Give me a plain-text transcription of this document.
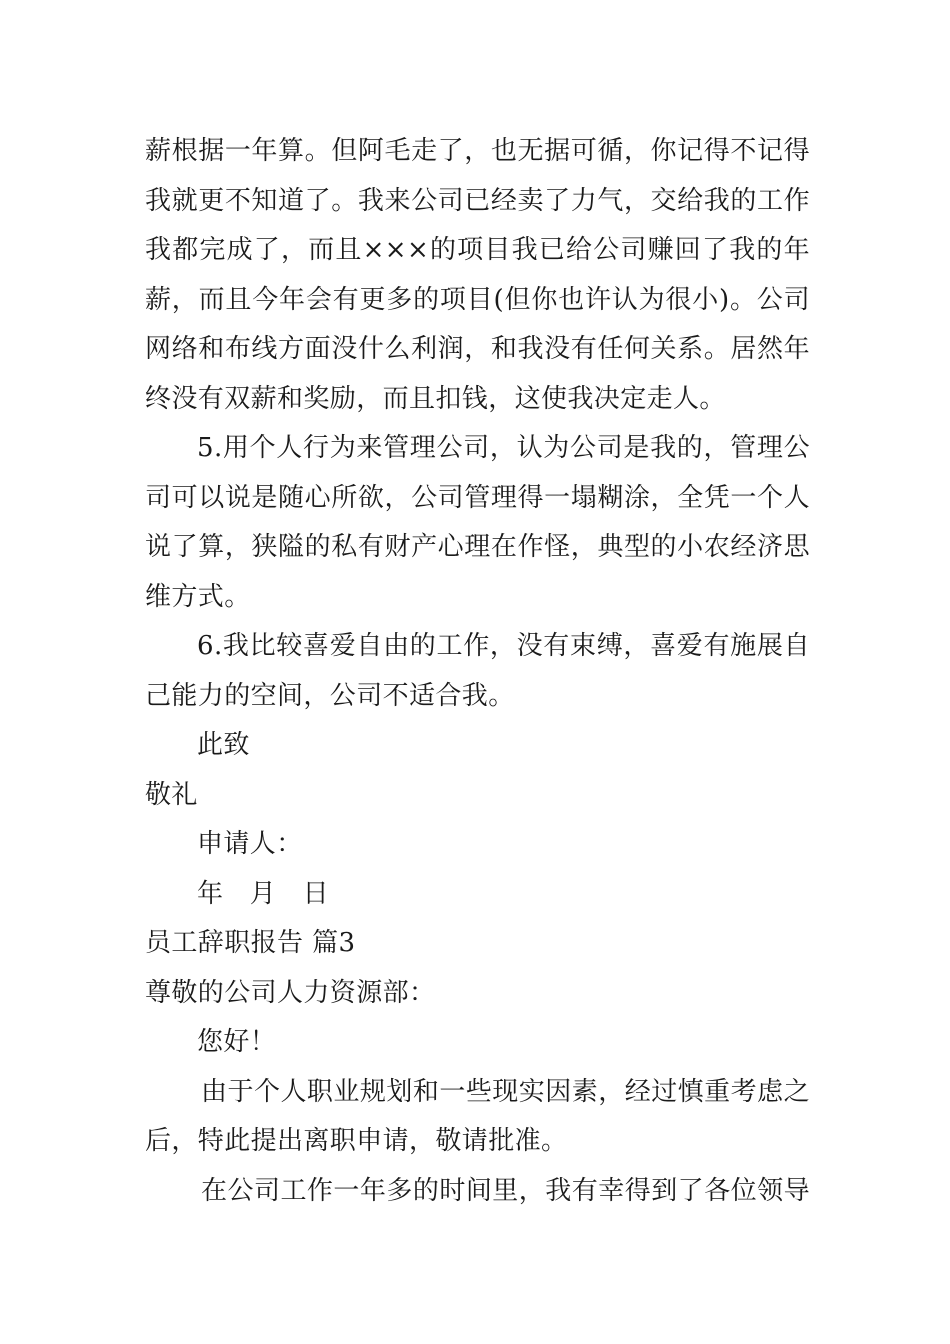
薪根据一年算。但阿毛走了，也无据可循，你记得不记得
我就更不知道了。我来公司已经卖了力气，交给我的工作
我都完成了，而且×××的项目我已给公司赚回了我的年
薪，而且今年会有更多的项目(但你也许认为很小)。公司
网络和布线方面没什么利润，和我没有任何关系。居然年
终没有双薪和奖励，而且扣钱，这使我决定走人。
5.用个人行为来管理公司，认为公司是我的，管理公
司可以说是随心所欲，公司管理得一塌糊涂，全凭一个人
说了算，狭隘的私有财产心理在作怪，典型的小农经济思
维方式。
6.我比较喜爱自由的工作，没有束缚，喜爱有施展自
己能力的空间，公司不适合我。
此致
敬礼
申请人：
年　月　日
员工辞职报告 篇3
尊敬的公司人力资源部：
您好！
由于个人职业规划和一些现实因素，经过慎重考虑之
后，特此提出离职申请，敬请批准。
在公司工作一年多的时间里，我有幸得到了各位领导
